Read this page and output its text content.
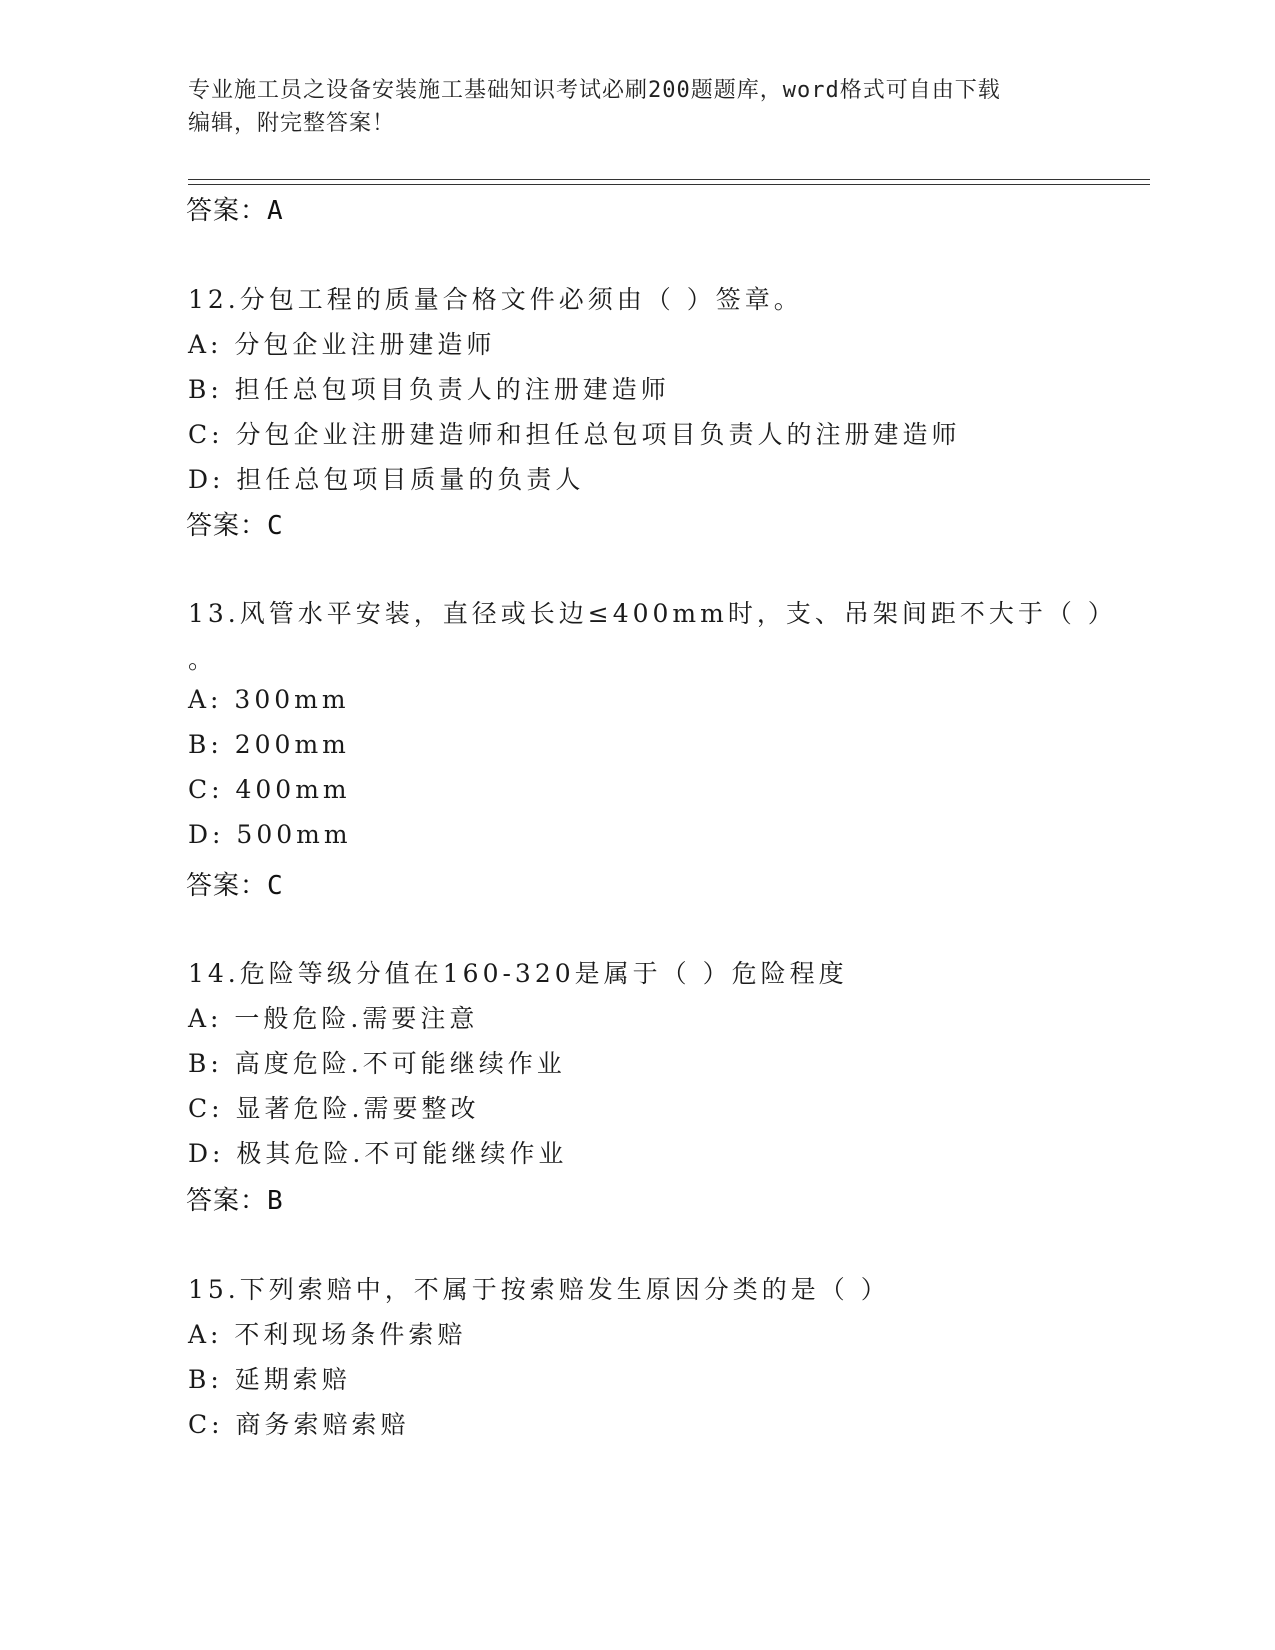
专业施工员之设备安装施工基础知识考试必刷200题题库，word格式可自由下载
编辑，附完整答案！
答案：A
12.分包工程的质量合格文件必须由（ ）签章。
A: 分包企业注册建造师
B: 担任总包项目负责人的注册建造师
C: 分包企业注册建造师和担任总包项目负责人的注册建造师
D: 担任总包项目质量的负责人
答案：C
13.风管水平安装，直径或长边≤400mm时，支、吊架间距不大于（ ）
。
A: 300mm
B: 200mm
C: 400mm
D: 500mm
答案：C
14.危险等级分值在160-320是属于（ ）危险程度
A: 一般危险.需要注意
B: 高度危险.不可能继续作业
C: 显著危险.需要整改
D: 极其危险.不可能继续作业
答案：B
15.下列索赔中，不属于按索赔发生原因分类的是（ ）
A: 不利现场条件索赔
B: 延期索赔
C: 商务索赔索赔
